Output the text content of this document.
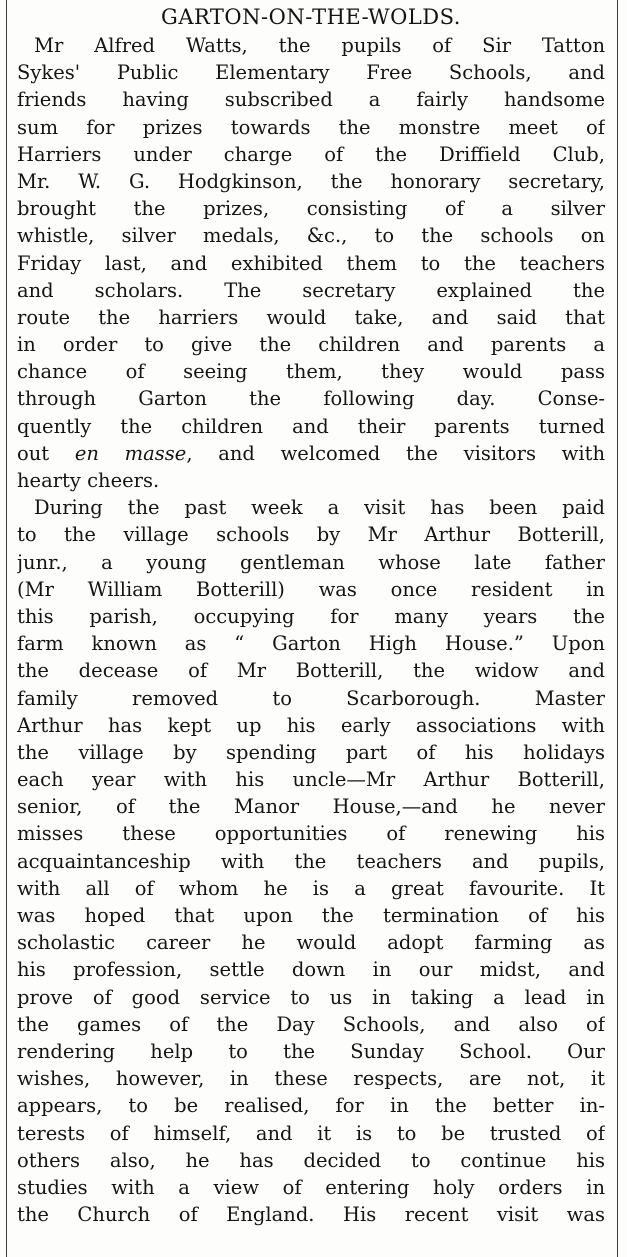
GARTON-ON-THE-WOLDS.
Mr Alfred Watts, the pupils of Sir Tatton
Sykes' Public Elementary Free Schools, and
friends having subscribed a fairly handsome
sum for prizes towards the monstre meet of
Harriers under charge of the Driffield Club,
Mr. W. G. Hodgkinson, the honorary secretary,
brought the prizes, consisting of a silver
whistle, silver medals, &c., to the schools on
Friday last, and exhibited them to the teachers
and scholars. The secretary explained the
route the harriers would take, and said that
in order to give the children and parents a
chance of seeing them, they would pass
through Garton the following day. Conse-
quently the children and their parents turned
out en masse, and welcomed the visitors with
hearty cheers.
During the past week a visit has been paid
to the village schools by Mr Arthur Botterill,
junr., a young gentleman whose late father
(Mr William Botterill) was once resident in
this parish, occupying for many years the
farm known as “ Garton High House.” Upon
the decease of Mr Botterill, the widow and
family removed to Scarborough. Master
Arthur has kept up his early associations with
the village by spending part of his holidays
each year with his uncle—Mr Arthur Botterill,
senior, of the Manor House,—and he never
misses these opportunities of renewing his
acquaintanceship with the teachers and pupils,
with all of whom he is a great favourite. It
was hoped that upon the termination of his
scholastic career he would adopt farming as
his profession, settle down in our midst, and
prove of good service to us in taking a lead in
the games of the Day Schools, and also of
rendering help to the Sunday School. Our
wishes, however, in these respects, are not, it
appears, to be realised, for in the better in-
terests of himself, and it is to be trusted of
others also, he has decided to continue his
studies with a view of entering holy orders in
the Church of England. His recent visit was
